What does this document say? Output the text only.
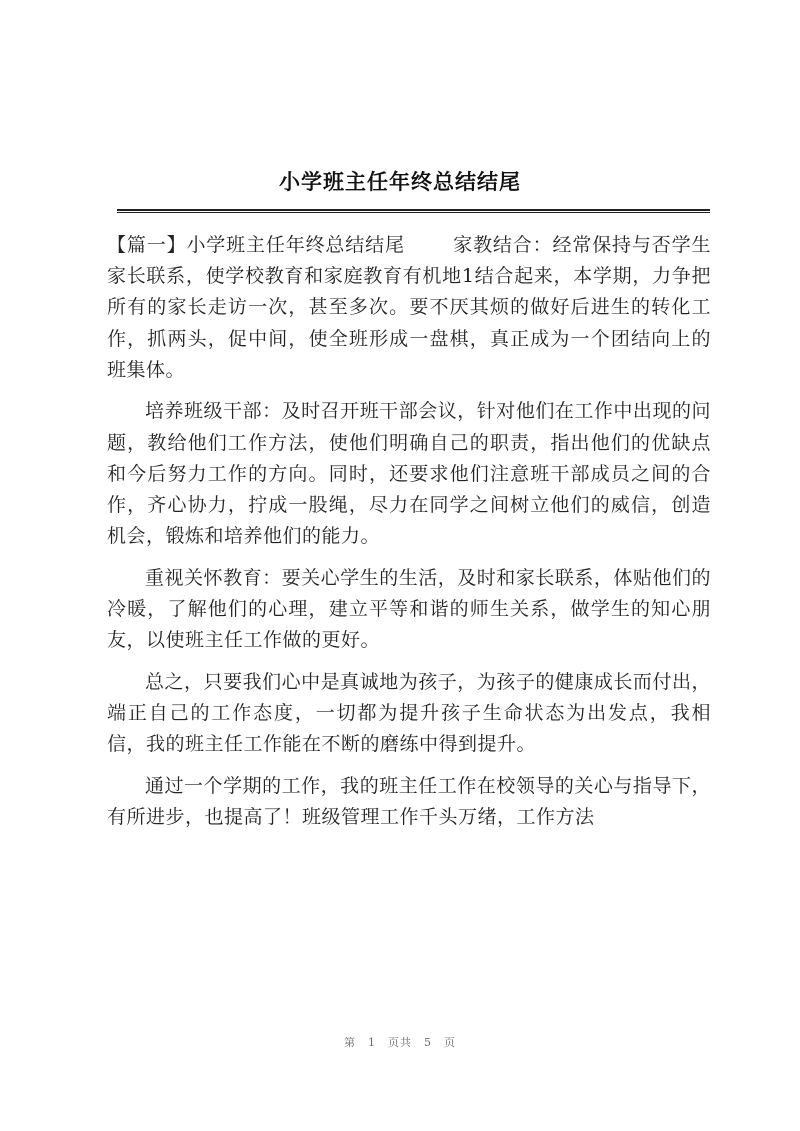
小学班主任年终总结结尾

【篇一】小学班主任年终总结结尾	家教结合：经常保持与否学生家长联系，使学校教育和家庭教育有机地1结合起来，本学期，力争把所有的家长走访一次，甚至多次。要不厌其烦的做好后进生的转化工作，抓两头，促中间，使全班形成一盘棋，真正成为一个团结向上的班集体。

培养班级干部：及时召开班干部会议，针对他们在工作中出现的问题，教给他们工作方法，使他们明确自己的职责，指出他们的优缺点和今后努力工作的方向。同时，还要求他们注意班干部成员之间的合作，齐心协力，拧成一股绳，尽力在同学之间树立他们的威信，创造机会，锻炼和培养他们的能力。

重视关怀教育：要关心学生的生活，及时和家长联系，体贴他们的冷暖，了解他们的心理，建立平等和谐的师生关系，做学生的知心朋友，以使班主任工作做的更好。

总之，只要我们心中是真诚地为孩子，为孩子的健康成长而付出，端正自己的工作态度，一切都为提升孩子生命状态为出发点，我相信，我的班主任工作能在不断的磨练中得到提升。

通过一个学期的工作，我的班主任工作在校领导的关心与指导下，有所进步，也提高了！班级管理工作千头万绪，工作方法

第 1 页共 5 页
